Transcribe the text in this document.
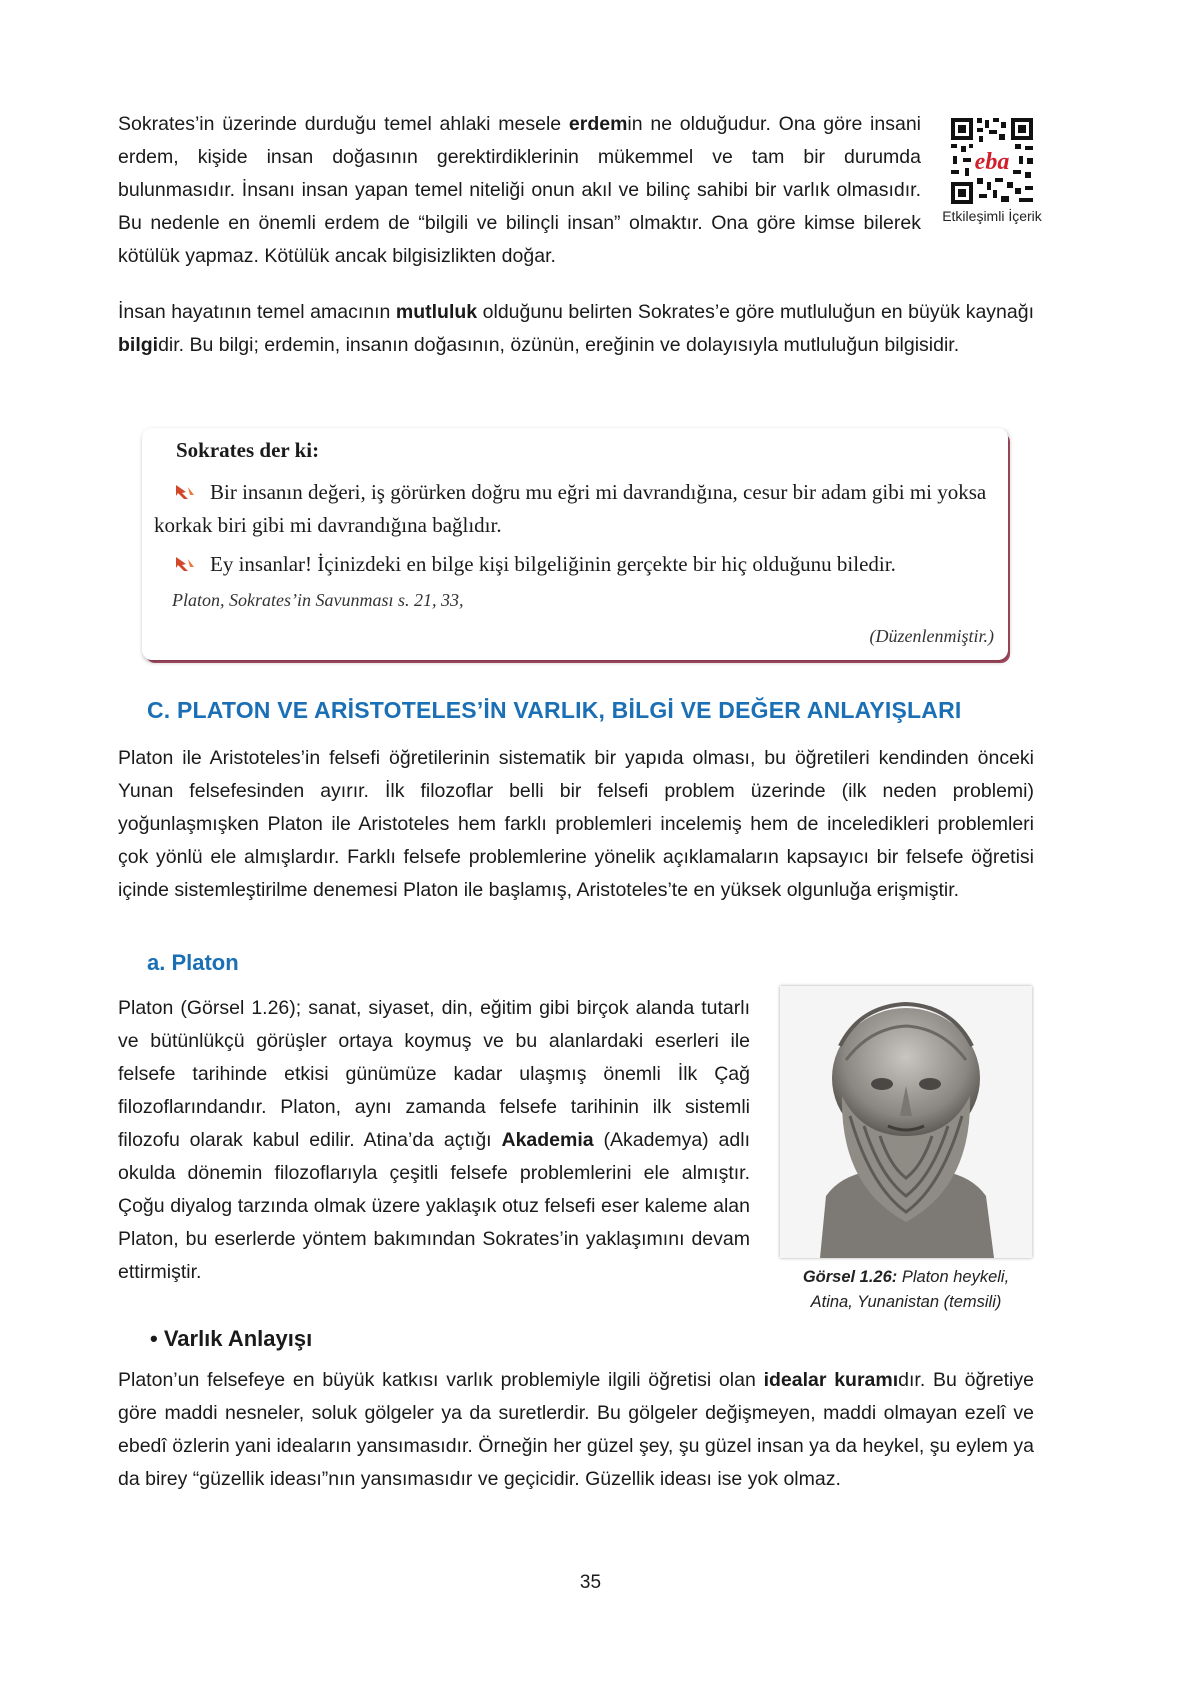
Sokrates’in üzerinde durduğu temel ahlaki mesele erdemin ne olduğudur. Ona göre insani erdem, kişide insan doğasının gerektirdiklerinin mükemmel ve tam bir durumda bulunmasıdır. İnsanı insan yapan temel niteliği onun akıl ve bilinç sahibi bir varlık olmasıdır. Bu nedenle en önemli erdem de “bilgili ve bilinçli insan” olmaktır. Ona göre kimse bilerek kötülük yapmaz. Kötülük ancak bilgisizlikten doğar.

eba
Etkileşimli İçerik

İnsan hayatının temel amacının mutluluk olduğunu belirten Sokrates’e göre mutluluğun en büyük kaynağı bilgidir. Bu bilgi; erdemin, insanın doğasının, özünün, ereğinin ve dolayısıyla mutluluğun bilgisidir.

Sokrates der ki:
Bir insanın değeri, iş görürken doğru mu eğri mi davrandığına, cesur bir adam gibi mi yoksa korkak biri gibi mi davrandığına bağlıdır.
Ey insanlar! İçinizdeki en bilge kişi bilgeliğinin gerçekte bir hiç olduğunu biledir.
Platon, Sokrates’in Savunması s. 21, 33,
(Düzenlenmiştir.)
C. PLATON VE ARİSTOTELES’İN VARLIK, BİLGİ VE DEĞER ANLAYIŞLARI

Platon ile Aristoteles’in felsefi öğretilerinin sistematik bir yapıda olması, bu öğretileri kendinden önceki Yunan felsefesinden ayırır. İlk filozoflar belli bir felsefi problem üzerinde (ilk neden problemi) yoğunlaşmışken Platon ile Aristoteles hem farklı problemleri incelemiş hem de inceledikleri problemleri çok yönlü ele almışlardır. Farklı felsefe problemlerine yönelik açıklamaların kapsayıcı bir felsefe öğretisi içinde sistemleştirilme denemesi Platon ile başlamış, Aristoteles’te en yüksek olgunluğa erişmiştir.

a. Platon

Platon (Görsel 1.26); sanat, siyaset, din, eğitim gibi birçok alanda tutarlı ve bütünlükçü görüşler ortaya koymuş ve bu alanlardaki eserleri ile felsefe tarihinde etkisi günümüze kadar ulaşmış önemli İlk Çağ filozoflarındandır. Platon, aynı zamanda felsefe tarihinin ilk sistemli filozofu olarak kabul edilir. Atina’da açtığı Akademia (Akademya) adlı okulda dönemin filozoflarıyla çeşitli felsefe problemlerini ele almıştır. Çoğu diyalog tarzında olmak üzere yaklaşık otuz felsefi eser kaleme alan Platon, bu eserlerde yöntem bakımından Sokrates’in yaklaşımını devam ettirmiştir.	Görsel 1.26: Platon heykeli, Atina, Yunanistan (temsili)
• Varlık Anlayışı

Platon’un felsefeye en büyük katkısı varlık problemiyle ilgili öğretisi olan idealar kuramıdır. Bu öğretiye göre maddi nesneler, soluk gölgeler ya da suretlerdir. Bu gölgeler değişmeyen, maddi olmayan ezelî ve ebedî özlerin yani ideaların yansımasıdır. Örneğin her güzel şey, şu güzel insan ya da heykel, şu eylem ya da birey “güzellik ideası”nın yansımasıdır ve geçicidir. Güzellik ideası ise yok olmaz.

35
